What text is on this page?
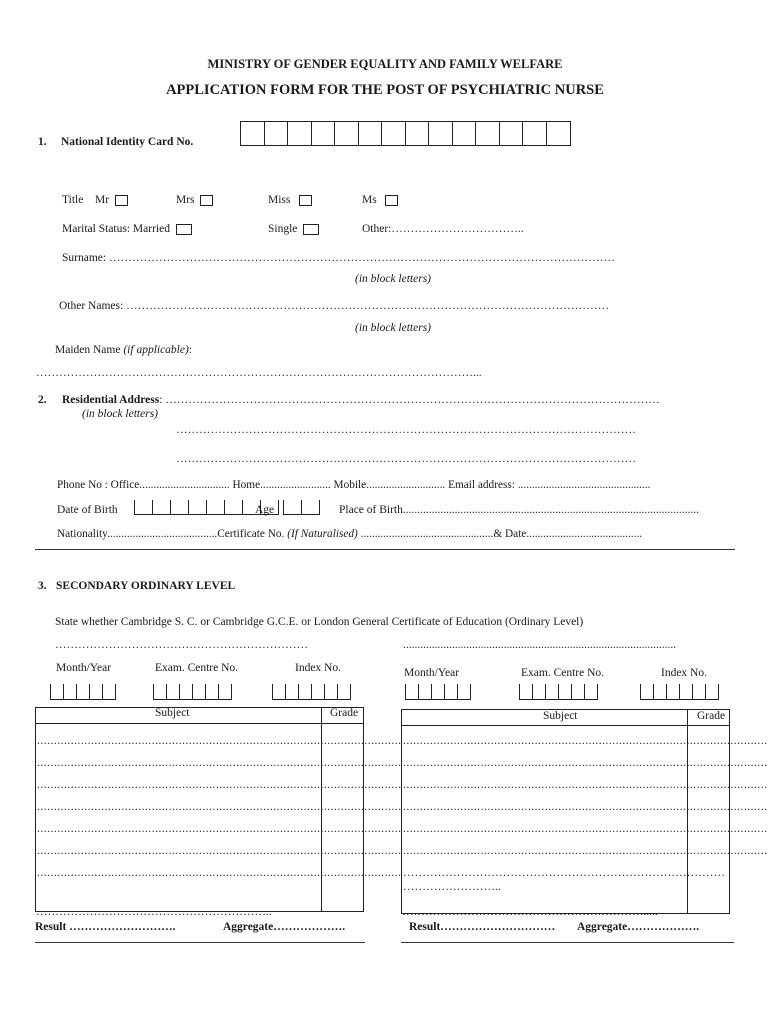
MINISTRY OF GENDER EQUALITY AND FAMILY WELFARE
APPLICATION FORM FOR THE POST OF PSYCHIATRIC NURSE
1. National Identity Card No.
Title Mr	Mrs	Miss	Ms
Marital Status: Married	Single	Other:……………………………..
Surname: ……………………………………………………………………………………………………………………
(in block letters)
Other Names: ………………………………………………………………………………………………………………
(in block letters)
Maiden Name (if applicable):
……………………………………………………………………………………………………...
2. Residential Address: …………………………………………………………………………………………………………………
(in block letters)
…………………………………………………………………………………………………………
…………………………………………………………………………………………………………
Phone No : Office................................ Home......................... Mobile............................ Email address: ...............................................
Date of Birth	Age	Place of Birth.......................................................................................................
Nationality.......................................Certificate No. (If Naturalised) ...............................................& Date.........................................
3. SECONDARY ORDINARY LEVEL
State whether Cambridge S. C. or Cambridge G.C.E. or London General Certificate of Education (Ordinary Level)
…………………………………………………………
Month/Year	Exam. Centre No.	Index No.
Subject	Grade
............................................................................................................
............................................................................................................
............................................................................................................
............................................................................................................
............................................................................................................
............................................................................................................
............................................................................................................
……………………………………………………..
Result ……………………….	Aggregate……………….
...............................................................................................
Month/Year	Exam. Centre No.	Index No.
Subject	Grade
............................................................................................................
............................................................................................................
............................................................................................................
............................................................................................................
............................................................................................................
............................................................................................................
…………………………………………………………………………
……………………..
……………………………………………………….....
Result………………………… Aggregate……………….
